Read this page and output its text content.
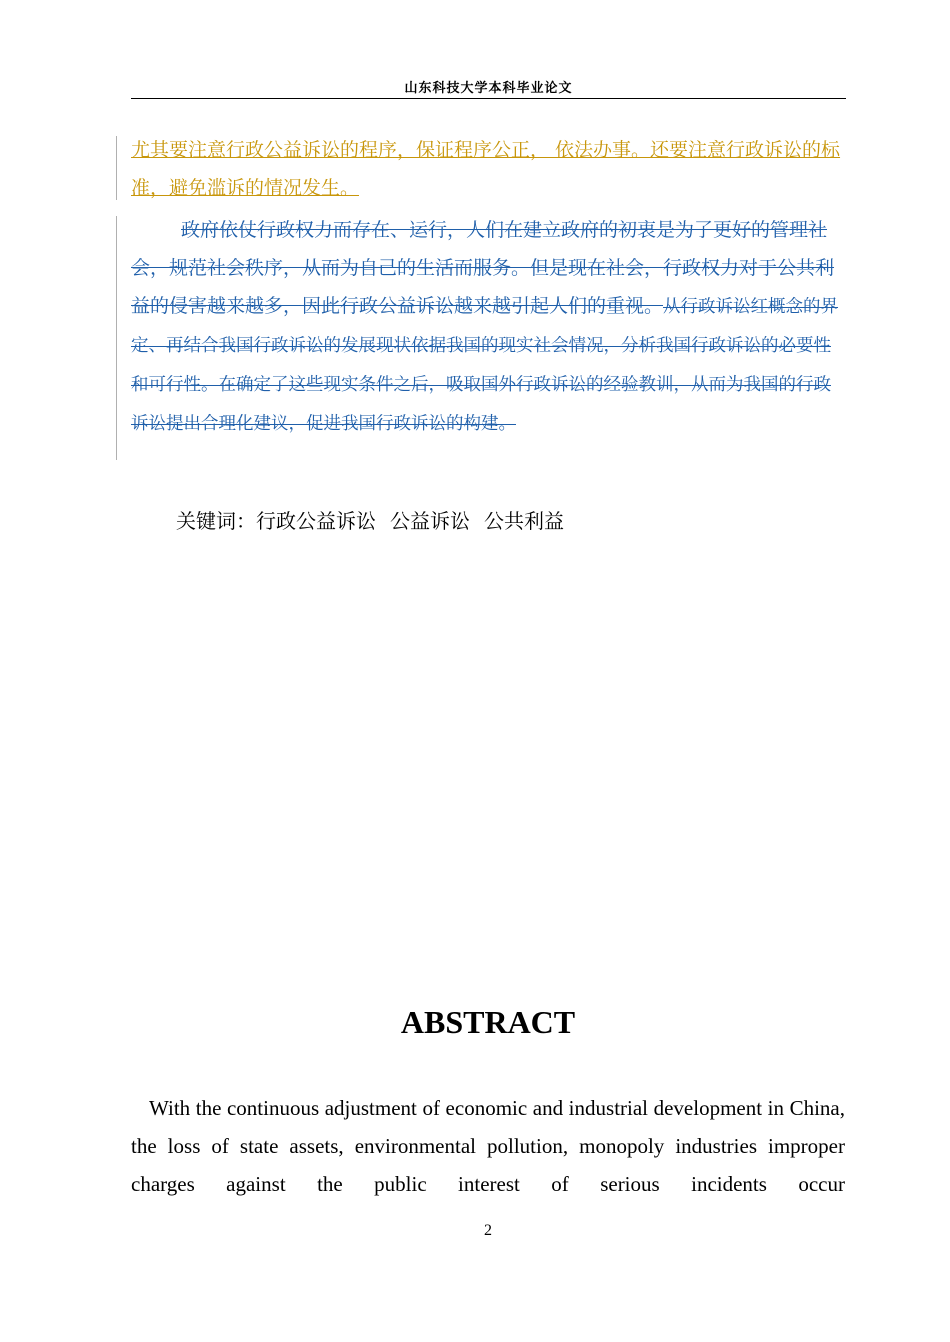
山东科技大学本科毕业论文

尤其要注意行政公益诉讼的程序，保证程序公正， 依法办事。还要注意行政诉讼的标准，避免滥诉的情况发生。

政府依仗行政权力而存在、运行，人们在建立政府的初衷是为了更好的管理社会，规范社会秩序，从而为自己的生活而服务。但是现在社会，行政权力对于公共利益的侵害越来越多，因此行政公益诉讼越来越引起人们的重视。从行政诉讼红概念的界定、再结合我国行政诉讼的发展现状依据我国的现实社会情况，分析我国行政诉讼的必要性和可行性。在确定了这些现实条件之后，吸取国外行政诉讼的经验教训，从而为我国的行政诉讼提出合理化建议，促进我国行政诉讼的构建。

关键词：行政公益诉讼 公益诉讼 公共利益
ABSTRACT

With the continuous adjustment of economic and industrial development in China, the loss of state assets, environmental pollution, monopoly industries improper charges against the public interest of serious incidents occur

2
